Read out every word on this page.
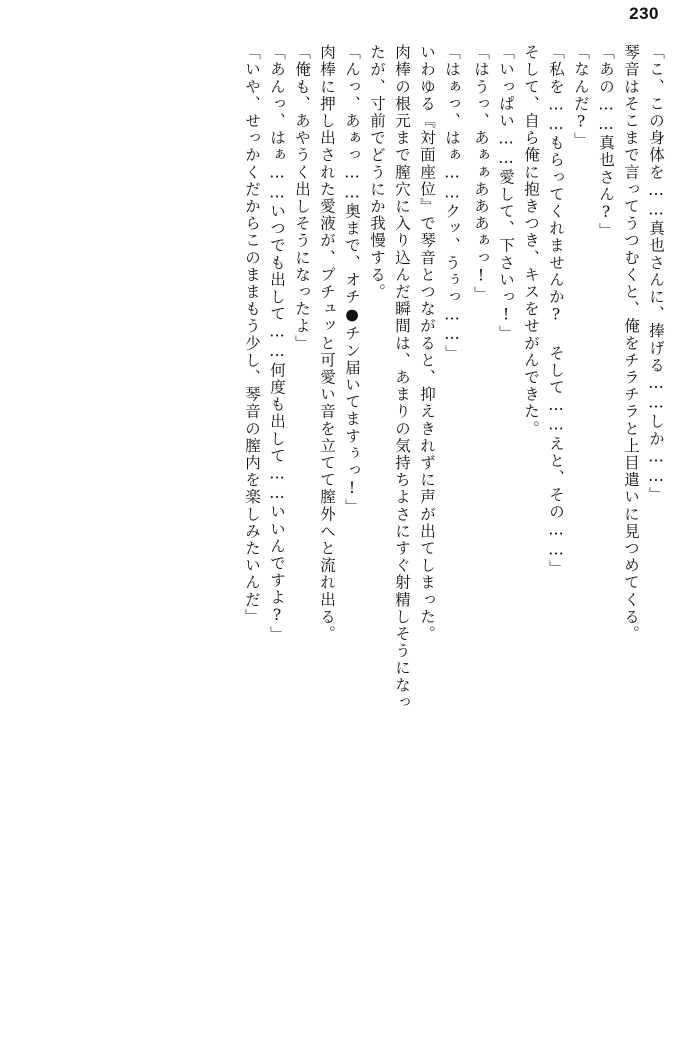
230
「こ、この身体を……真也さんに、捧げる……しか……」
琴音はそこまで言ってうつむくと、俺をチラチラと上目遣いに見つめてくる。
「あの……真也さん?」
「なんだ?」
「私を……もらってくれませんか? そして……えと、その……」
そして、自ら俺に抱きつき、キスをせがんできた。
「いっぱい……愛して、下さいっ!」
「はうっ、あぁぁあああぁっ!」
「はぁっ、はぁ……クッ、うぅっ……」
いわゆる『対面座位』で琴音とつながると、抑えきれずに声が出てしまった。
肉棒の根元まで膣穴に入り込んだ瞬間は、あまりの気持ちよさにすぐ射精しそうになっ
たが、寸前でどうにか我慢する。
「んっ、あぁっ……奥まで、オチ●チン届いてますぅっ!」
肉棒に押し出された愛液が、プチュッと可愛い音を立てて膣外へと流れ出る。
「俺も、あやうく出しそうになったよ」
「あんっ、はぁ……いつでも出して……何度も出して……いいんですよ?」
「いや、せっかくだからこのままもう少し、琴音の膣内を楽しみたいんだ」
